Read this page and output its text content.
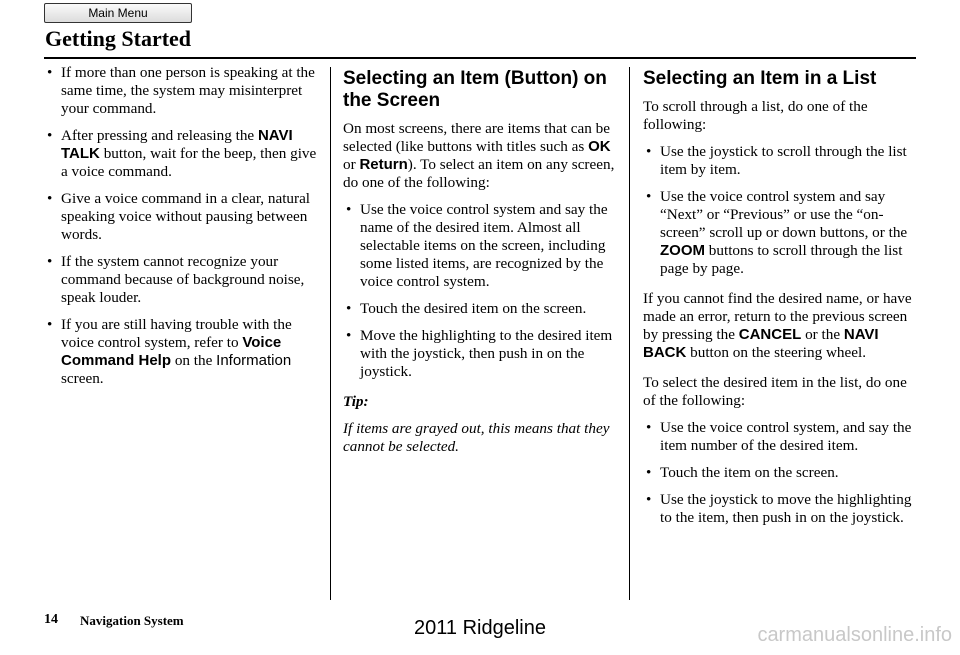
Main Menu
Getting Started
• If more than one person is speaking at the same time, the system may misinterpret your command.
• After pressing and releasing the NAVI TALK button, wait for the beep, then give a voice command.
• Give a voice command in a clear, natural speaking voice without pausing between words.
• If the system cannot recognize your command because of background noise, speak louder.
• If you are still having trouble with the voice control system, refer to Voice Command Help on the Information screen.
Selecting an Item (Button) on the Screen

On most screens, there are items that can be selected (like buttons with titles such as OK or Return). To select an item on any screen, do one of the following:

• Use the voice control system and say the name of the desired item. Almost all selectable items on the screen, including some listed items, are recognized by the voice control system.
• Touch the desired item on the screen.
• Move the highlighting to the desired item with the joystick, then push in on the joystick.

Tip:

If items are grayed out, this means that they cannot be selected.

Selecting an Item in a List

To scroll through a list, do one of the following:

• Use the joystick to scroll through the list item by item.
• Use the voice control system and say “Next” or “Previous” or use the “on-screen” scroll up or down buttons, or the ZOOM buttons to scroll through the list page by page.

If you cannot find the desired name, or have made an error, return to the previous screen by pressing the CANCEL or the NAVI BACK button on the steering wheel.

To select the desired item in the list, do one of the following:

• Use the voice control system, and say the item number of the desired item.
• Touch the item on the screen.
• Use the joystick to move the highlighting to the item, then push in on the joystick.
14 Navigation System	2011 Ridgeline	carmanualsonline.info
